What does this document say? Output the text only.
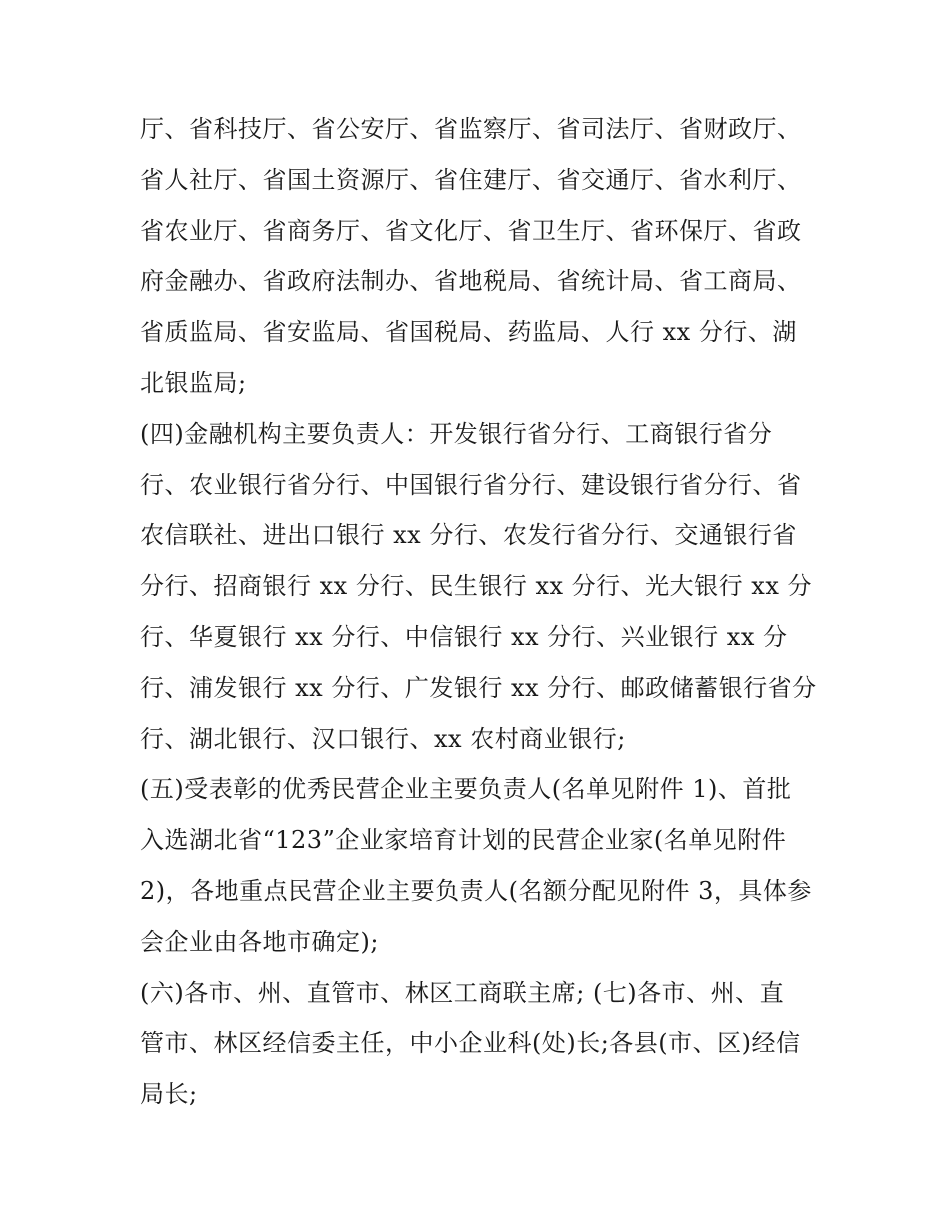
厅、省科技厅、省公安厅、省监察厅、省司法厅、省财政厅、
省人社厅、省国土资源厅、省住建厅、省交通厅、省水利厅、
省农业厅、省商务厅、省文化厅、省卫生厅、省环保厅、省政
府金融办、省政府法制办、省地税局、省统计局、省工商局、
省质监局、省安监局、省国税局、药监局、人行 xx 分行、湖
北银监局;
(四)金融机构主要负责人：开发银行省分行、工商银行省分
行、农业银行省分行、中国银行省分行、建设银行省分行、省
农信联社、进出口银行 xx 分行、农发行省分行、交通银行省
分行、招商银行 xx 分行、民生银行 xx 分行、光大银行 xx 分
行、华夏银行 xx 分行、中信银行 xx 分行、兴业银行 xx 分
行、浦发银行 xx 分行、广发银行 xx 分行、邮政储蓄银行省分
行、湖北银行、汉口银行、xx 农村商业银行;
(五)受表彰的优秀民营企业主要负责人(名单见附件 1)、首批
入选湖北省“123”企业家培育计划的民营企业家(名单见附件
2)，各地重点民营企业主要负责人(名额分配见附件 3，具体参
会企业由各地市确定);
(六)各市、州、直管市、林区工商联主席; (七)各市、州、直
管市、林区经信委主任，中小企业科(处)长;各县(市、区)经信
局长;
